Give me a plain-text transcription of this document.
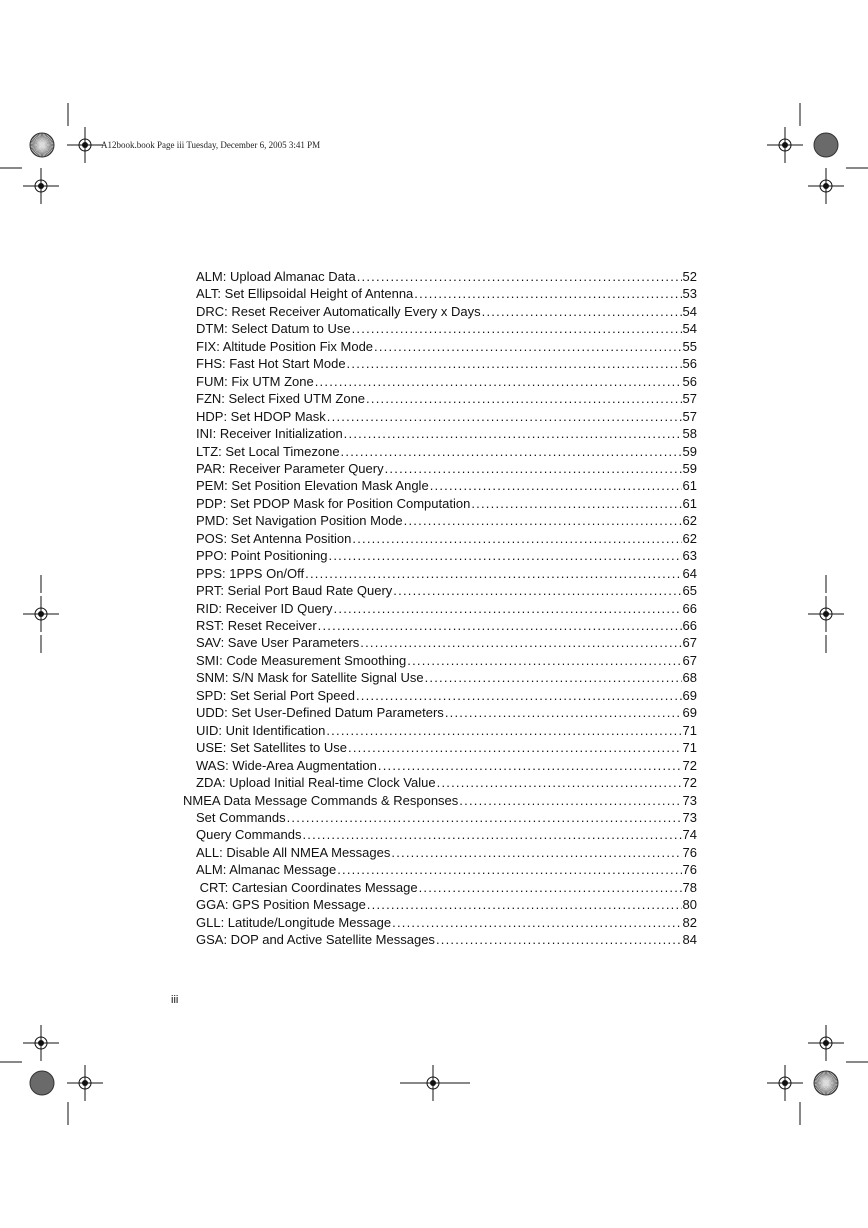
A12book.book Page iii Tuesday, December 6, 2005 3:41 PM
ALM: Upload Almanac Data . . .	52
ALT: Set Ellipsoidal Height of Antenna . . .	53
DRC: Reset Receiver Automatically Every x Days . . .	54
DTM: Select Datum to Use . . .	54
FIX: Altitude Position Fix Mode . . .	55
FHS: Fast Hot Start Mode . . .	56
FUM: Fix UTM Zone . . .	56
FZN: Select Fixed UTM Zone . . .	57
HDP: Set HDOP Mask . . .	57
INI: Receiver Initialization . . .	58
LTZ: Set Local Timezone . . .	59
PAR: Receiver Parameter Query . . .	59
PEM: Set Position Elevation Mask Angle . . .	61
PDP: Set PDOP Mask for Position Computation . . .	61
PMD: Set Navigation Position Mode . . .	62
POS: Set Antenna Position . . .	62
PPO: Point Positioning . . .	63
PPS: 1PPS On/Off . . .	64
PRT: Serial Port Baud Rate Query . . .	65
RID: Receiver ID Query . . .	66
RST: Reset Receiver . . .	66
SAV: Save User Parameters . . .	67
SMI: Code Measurement Smoothing . . .	67
SNM: S/N Mask for Satellite Signal Use . . .	68
SPD: Set Serial Port Speed . . .	69
UDD: Set User-Defined Datum Parameters . . .	69
UID: Unit Identification . . .	71
USE: Set Satellites to Use . . .	71
WAS: Wide-Area Augmentation . . .	72
ZDA: Upload Initial Real-time Clock Value . . .	72
NMEA Data Message Commands & Responses . . .	73
Set Commands . . .	73
Query Commands . . .	74
ALL: Disable All NMEA Messages . . .	76
ALM: Almanac Message . . .	76
CRT: Cartesian Coordinates Message . . .	78
GGA: GPS Position Message . . .	80
GLL: Latitude/Longitude Message . . .	82
GSA: DOP and Active Satellite Messages . . .	84
iii
